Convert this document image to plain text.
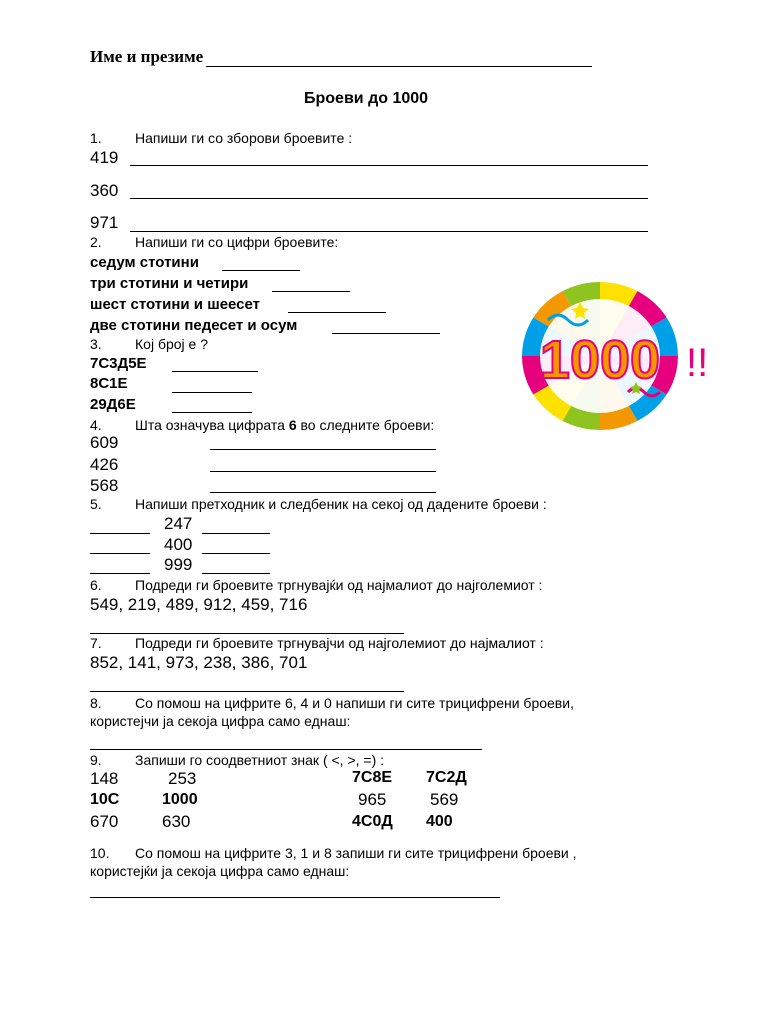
Име и презиме
Броеви до 1000
1. Напиши ги со зборови броевите :
419
360
971
2. Напиши ги со цифри броевите:
седум стотини
три стотини и четири
шест стотини и шеесет
две стотини педесет и осум
3. Кој број е ?
7С3Д5Е
8С1Е
29Д6Е
4. Шта означува цифрата 6 во следните броеви:
609
426
568
5. Напиши претходник и следбеник на секој од дадените броеви :
247
400
999
6. Подреди ги броевите тргнувајќи од најмалиот до најголемиот :
549, 219, 489, 912, 459, 716
7. Подреди ги броевите тргнувајчи од најголемиот до најмалиот :
852, 141, 973, 238, 386, 701
8. Со помош на цифрите 6, 4 и 0 напиши ги сите трицифрени броеви,
користејчи ја секоја цифра само еднаш:
9. Запиши го соодветниот знак ( <, >, =) :
148	253	7С8Е 7С2Д
10С	1000	965	569
670	630	4С0Д 400
10. Со помош на цифрите 3, 1 и 8 запиши ги сите трицифрени броеви ,
користејќи ја секоја цифра само еднаш:
1000 !!
